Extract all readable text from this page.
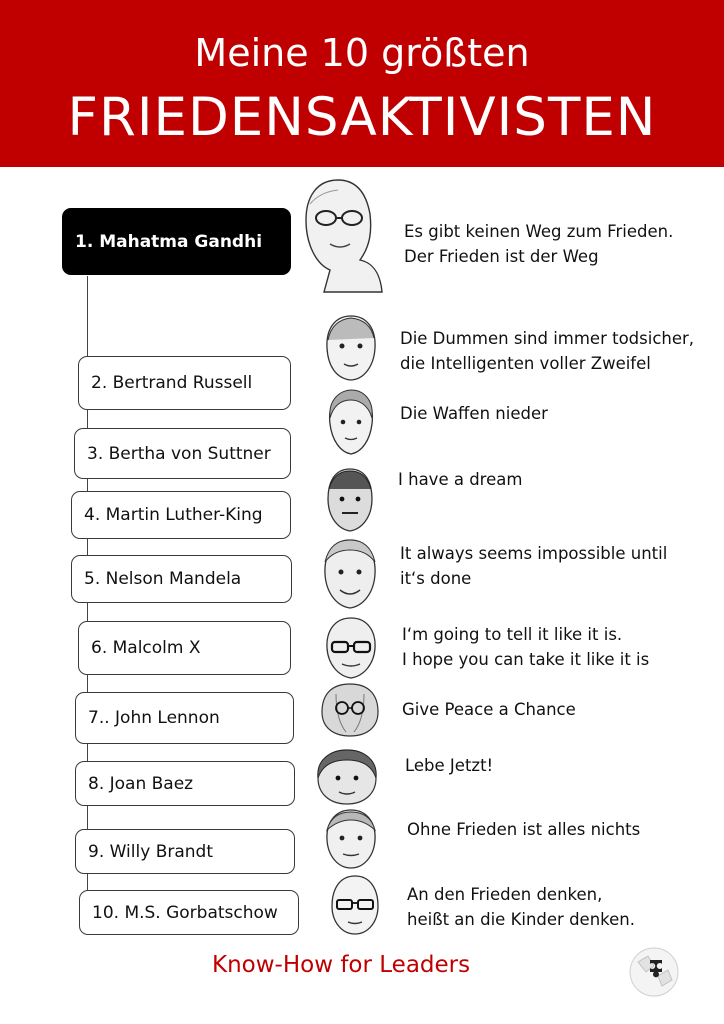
Meine 10 größten
FRIEDENSAKTIVISTEN
1. Mahatma Gandhi
2. Bertrand Russell
3. Bertha von Suttner
4. Martin Luther-King
5. Nelson Mandela
6. Malcolm X
7.. John Lennon
8. Joan Baez
9. Willy Brandt
10. M.S. Gorbatschow
Es gibt keinen Weg zum Frieden.
Der Frieden ist der Weg
Die Dummen sind immer todsicher,
die Intelligenten voller Zweifel
Die Waffen nieder
I have a dream
It always seems impossible until
it‘s done
I‘m going to tell it like it is.
I hope you can take it like it is
Give Peace a Chance
Lebe Jetzt!
Ohne Frieden ist alles nichts
An den Frieden denken,
heißt an die Kinder denken.
Know-How for Leaders
